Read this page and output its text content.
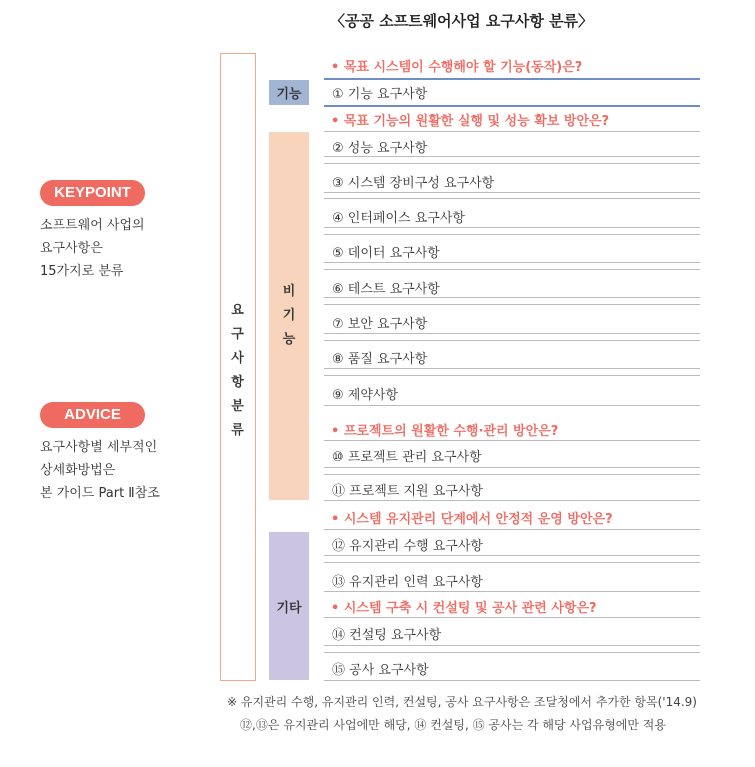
〈공공 소프트웨어사업 요구사항 분류〉
KEYPOINT
소프트웨어 사업의
요구사항은
15가지로 분류
ADVICE
요구사항별 세부적인
상세화방법은
본 가이드 Part Ⅱ참조
요
구
사
항
분
류
기능
비
기
능
기타
• 목표 시스템이 수행해야 할 기능(동작)은?
① 기능 요구사항
• 목표 기능의 원활한 실행 및 성능 확보 방안은?
② 성능 요구사항
③ 시스템 장비구성 요구사항
④ 인터페이스 요구사항
⑤ 데이터 요구사항
⑥ 테스트 요구사항
⑦ 보안 요구사항
⑧ 품질 요구사항
⑨ 제약사항
• 프로젝트의 원활한 수행·관리 방안은?
⑩ 프로젝트 관리 요구사항
⑪ 프로젝트 지원 요구사항
• 시스템 유지관리 단계에서 안정적 운영 방안은?
⑫ 유지관리 수행 요구사항
⑬ 유지관리 인력 요구사항
• 시스템 구축 시 컨설팅 및 공사 관련 사항은?
⑭ 컨설팅 요구사항
⑮ 공사 요구사항
※ 유지관리 수행, 유지관리 인력, 컨설팅, 공사 요구사항은 조달청에서 추가한 항목('14.9)
⑫,⑬은 유지관리 사업에만 해당, ⑭ 컨설팅, ⑮ 공사는 각 해당 사업유형에만 적용
